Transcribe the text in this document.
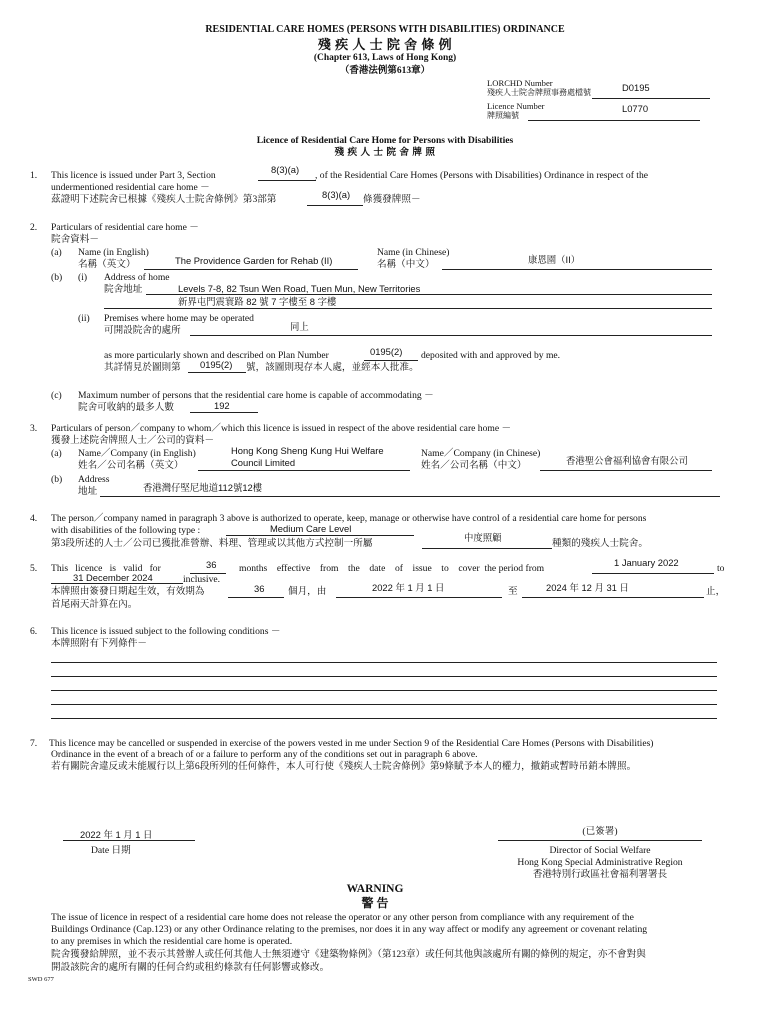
RESIDENTIAL CARE HOMES (PERSONS WITH DISABILITIES) ORDINANCE
殘 疾 人 士 院 舍 條 例
(Chapter 613, Laws of Hong Kong)
（香港法例第613章）
LORCHD Number
殘疾人士院舍牌照事務處檔號	D0195
Licence Number
牌照編號
L0770
Licence of Residential Care Home for Persons with Disabilities
殘 疾 人 士 院 舍 牌 照
1. This licence is issued under Part 3, Section
8(3)(a)
, of the Residential Care Homes (Persons with Disabilities) Ordinance in respect of the
undermentioned residential care home －
茲證明下述院舍已根據《殘疾人士院舍條例》第3部第	8(3)(a) 條獲發牌照－
2. Particulars of residential care home －
院舍資料－
(a) Name (in English)
名稱（英文）	The Providence Garden for Rehab (II)
Name (in Chinese)
名稱（中文）	康恩園（II）
(b) (i) Address of home
院舍地址	Levels 7-8, 82 Tsun Wen Road, Tuen Mun, New Territories
新界屯門震寰路 82 號 7 字樓至 8 字樓
(ii) Premises where home may be operated
可開設院舍的處所	同上
as more particularly shown and described on Plan Number	0195(2) deposited with and approved by me.
其詳情見於圖則第 0195(2) 號，該圖則現存本人處，並經本人批准。
(c) Maximum number of persons that the residential care home is capable of accommodating －
院舍可收納的最多人數	192
3. Particulars of person／company to whom／which this licence is issued in respect of the above residential care home －
獲發上述院舍牌照人士／公司的資料－
(a) Name／Company (in English)
姓名／公司名稱（英文）
Hong Kong Sheng Kung Hui Welfare
Council Limited
Name／Company (in Chinese)
姓名／公司名稱（中文）	香港聖公會福利協會有限公司
(b) Address
地址	香港灣仔堅尼地道112號12樓
4. The person／company named in paragraph 3 above is authorized to operate, keep, manage or otherwise have control of a residential care home for persons
with disabilities of the following type :	Medium Care Level
第3段所述的人士／公司已獲批准營辦、料理、管理或以其他方式控制一所屬
中度照顧
種類的殘疾人士院舍。
5. This   licence   is   valid   for	36 months    effective    from    the    date    of    issue    to    cover  the period from
1 January 2022
to
31 December 2024	inclusive.
本牌照由簽發日期起生效，有效期為	36 個月，由	2022 年 1 月 1 日	至	2024 年 12 月 31 日	止，
首尾兩天計算在內。
6. This licence is issued subject to the following conditions －
本牌照附有下列條件－
7. This licence may be cancelled or suspended in exercise of the powers vested in me under Section 9 of the Residential Care Homes (Persons with Disabilities)
Ordinance in the event of a breach of or a failure to perform any of the conditions set out in paragraph 6 above.
若有關院舍違反或未能履行以上第6段所列的任何條件，本人可行使《殘疾人士院舍條例》第9條賦予本人的權力，撤銷或暫時吊銷本牌照。
2022 年 1 月 1 日
Date 日期
(已簽署)
Director of Social Welfare
Hong Kong Special Administrative Region
香港特別行政區社會福利署署長
WARNING
警 告
The issue of licence in respect of a residential care home does not release the operator or any other person from compliance with any requirement of the
Buildings Ordinance (Cap.123) or any other Ordinance relating to the premises, nor does it in any way affect or modify any agreement or covenant relating
to any premises in which the residential care home is operated.
院舍獲發給牌照，並不表示其營辦人或任何其他人士無須遵守《建築物條例》（第123章）或任何其他與該處所有關的條例的規定，亦不會對與
開設該院舍的處所有關的任何合約或租約條款有任何影響或修改。
SWD 677
